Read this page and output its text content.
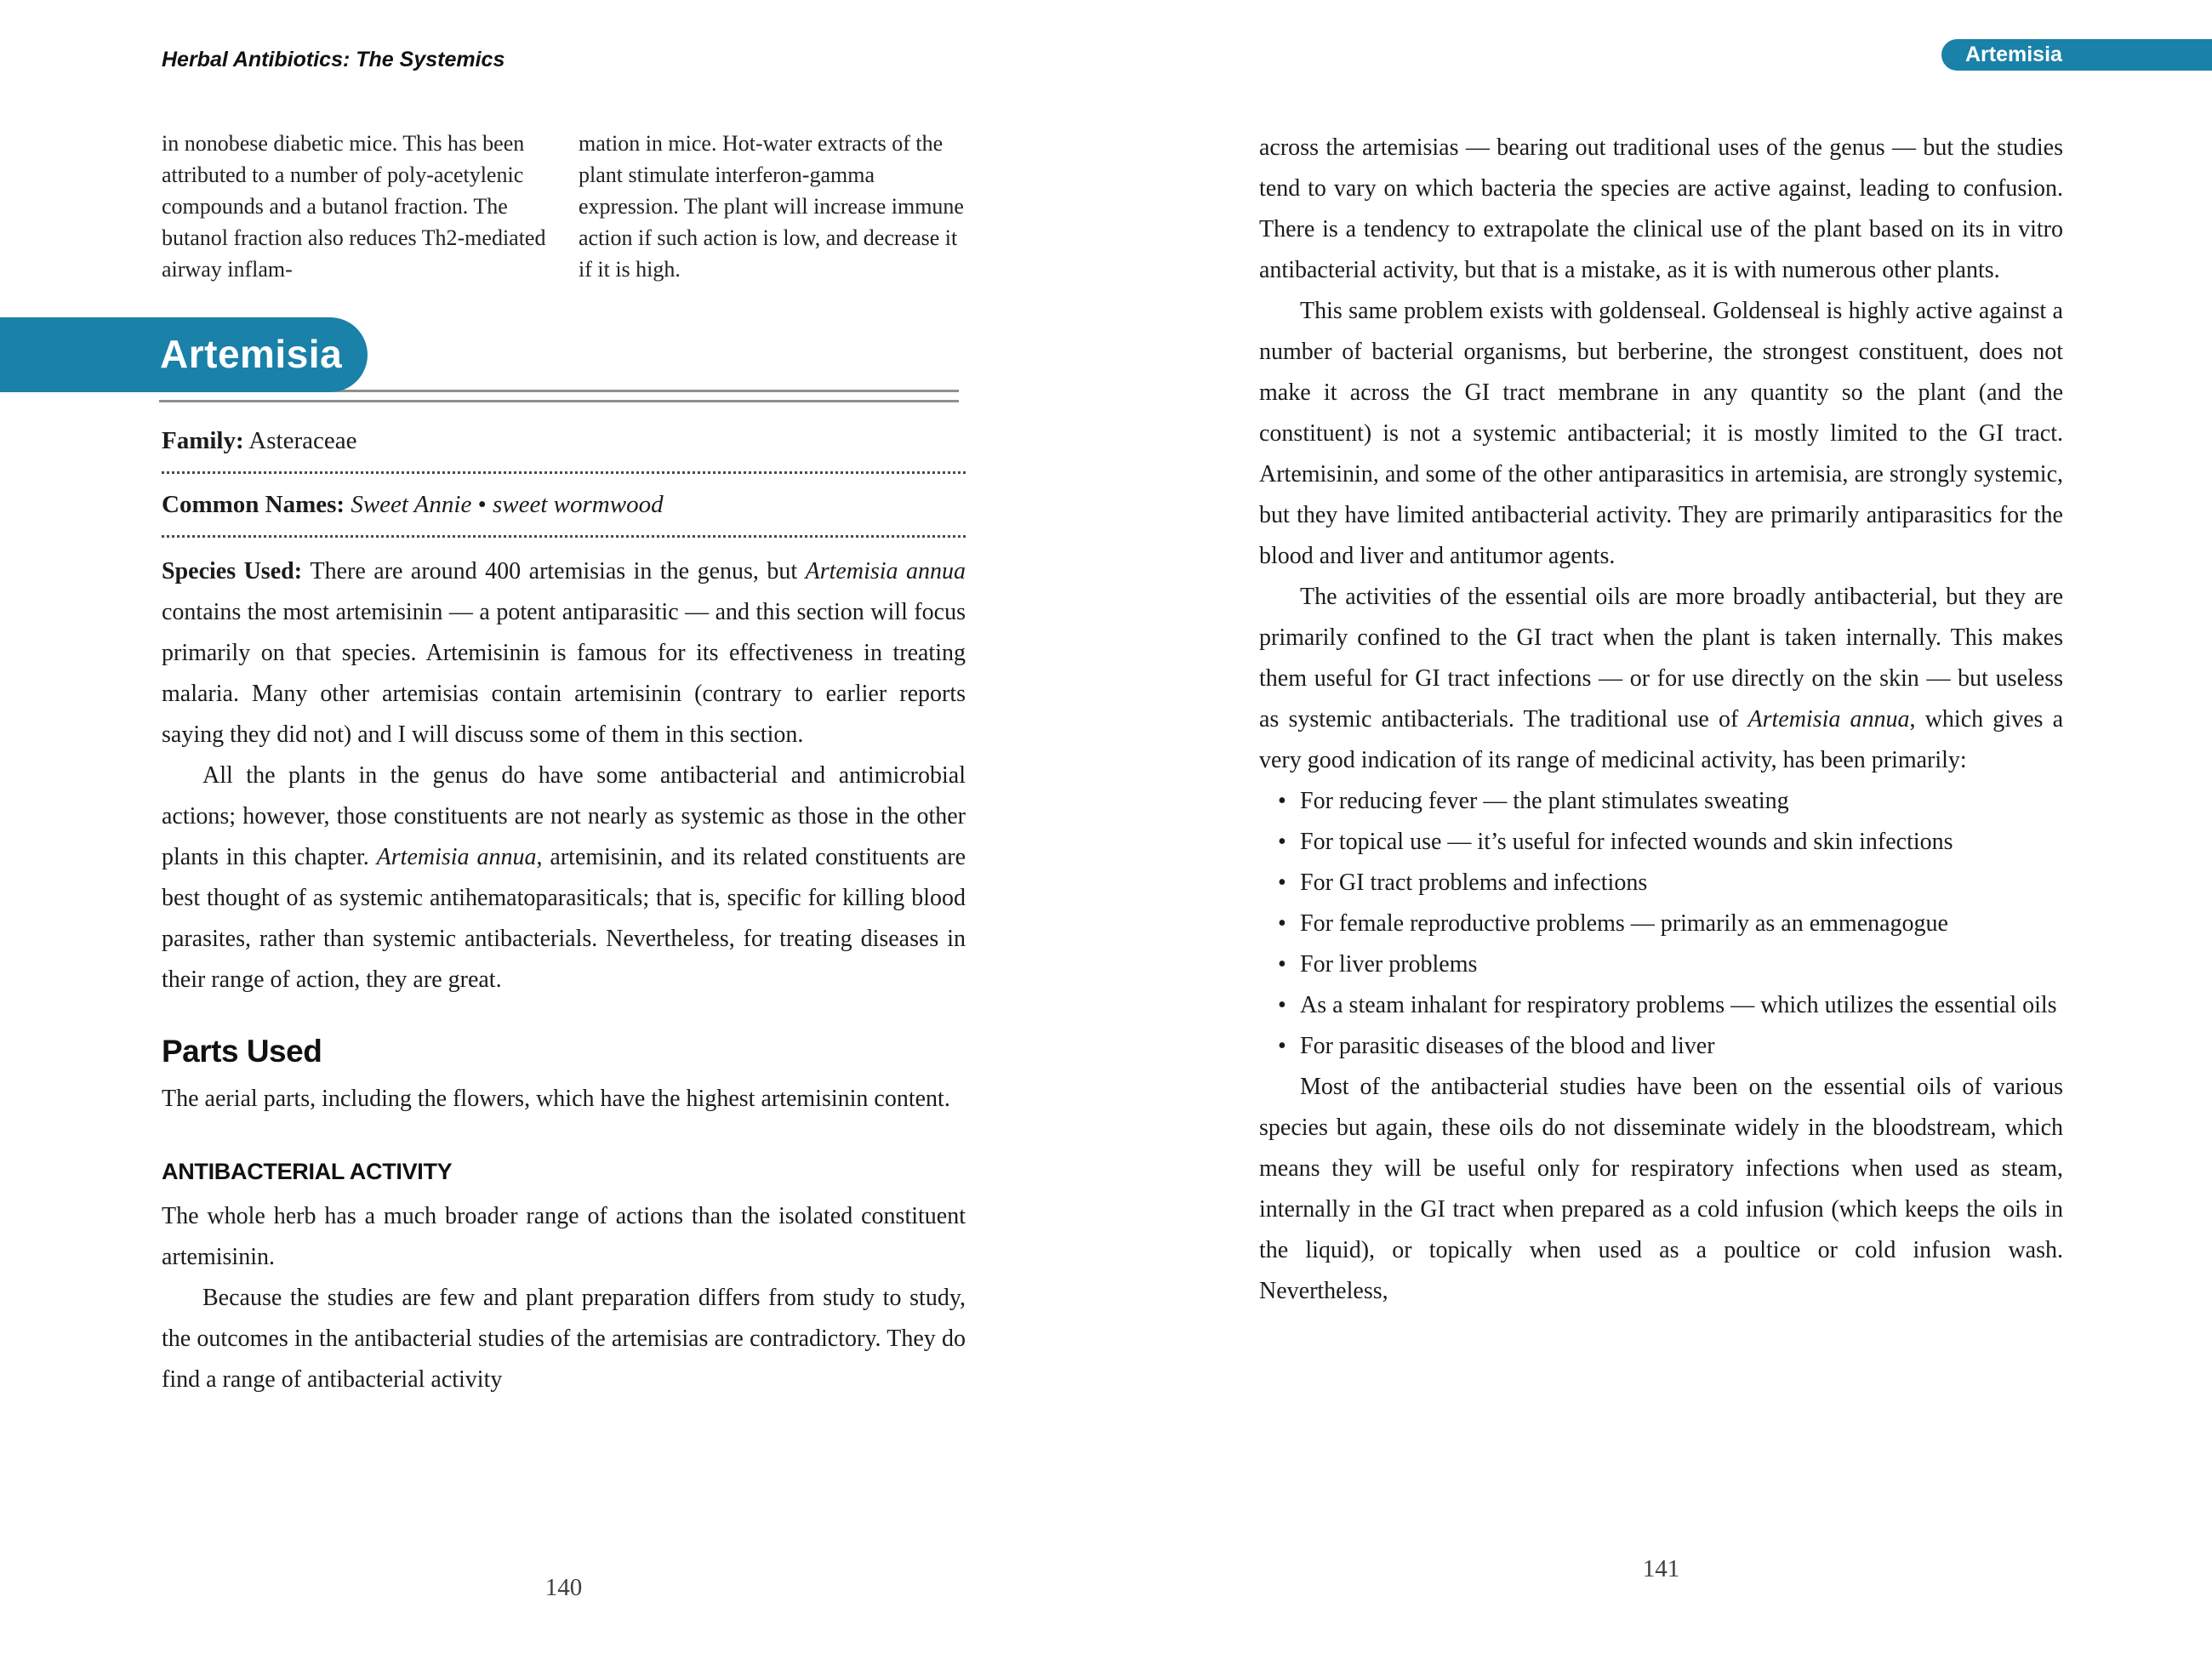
Herbal Antibiotics: The Systemics
in nonobese diabetic mice. This has been attributed to a number of poly-acetylenic compounds and a butanol fraction. The butanol fraction also reduces Th2-mediated airway inflam-
mation in mice. Hot-water extracts of the plant stimulate interferon-gamma expression. The plant will increase immune action if such action is low, and decrease it if it is high.
Artemisia
Family: Asteraceae
Common Names: Sweet Annie • sweet wormwood

Species Used: There are around 400 artemisias in the genus, but Artemisia annua contains the most artemisinin — a potent antiparasitic — and this section will focus primarily on that species. Artemisinin is famous for its effectiveness in treating malaria. Many other artemisias contain artemisinin (contrary to earlier reports saying they did not) and I will discuss some of them in this section.

All the plants in the genus do have some antibacterial and antimicrobial actions; however, those constituents are not nearly as systemic as those in the other plants in this chapter. Artemisia annua, artemisinin, and its related constituents are best thought of as systemic antihematoparasiticals; that is, specific for killing blood parasites, rather than systemic antibacterials. Nevertheless, for treating diseases in their range of action, they are great.

Parts Used

The aerial parts, including the flowers, which have the highest artemisinin content.

ANTIBACTERIAL ACTIVITY

The whole herb has a much broader range of actions than the isolated constituent artemisinin.

Because the studies are few and plant preparation differs from study to study, the outcomes in the antibacterial studies of the artemisias are contradictory. They do find a range of antibacterial activity

140
Artemisia

across the artemisias — bearing out traditional uses of the genus — but the studies tend to vary on which bacteria the species are active against, leading to confusion. There is a tendency to extrapolate the clinical use of the plant based on its in vitro antibacterial activity, but that is a mistake, as it is with numerous other plants.

This same problem exists with goldenseal. Goldenseal is highly active against a number of bacterial organisms, but berberine, the strongest constituent, does not make it across the GI tract membrane in any quantity so the plant (and the constituent) is not a systemic antibacterial; it is mostly limited to the GI tract. Artemisinin, and some of the other antiparasitics in artemisia, are strongly systemic, but they have limited antibacterial activity. They are primarily antiparasitics for the blood and liver and antitumor agents.

The activities of the essential oils are more broadly antibacterial, but they are primarily confined to the GI tract when the plant is taken internally. This makes them useful for GI tract infections — or for use directly on the skin — but useless as systemic antibacterials. The traditional use of Artemisia annua, which gives a very good indication of its range of medicinal activity, has been primarily:

• For reducing fever — the plant stimulates sweating
• For topical use — it’s useful for infected wounds and skin infections
• For GI tract problems and infections
• For female reproductive problems — primarily as an emmenagogue
• For liver problems
• As a steam inhalant for respiratory problems — which utilizes the essential oils
• For parasitic diseases of the blood and liver

Most of the antibacterial studies have been on the essential oils of various species but again, these oils do not disseminate widely in the bloodstream, which means they will be useful only for respiratory infections when used as steam, internally in the GI tract when prepared as a cold infusion (which keeps the oils in the liquid), or topically when used as a poultice or cold infusion wash. Nevertheless,

141
